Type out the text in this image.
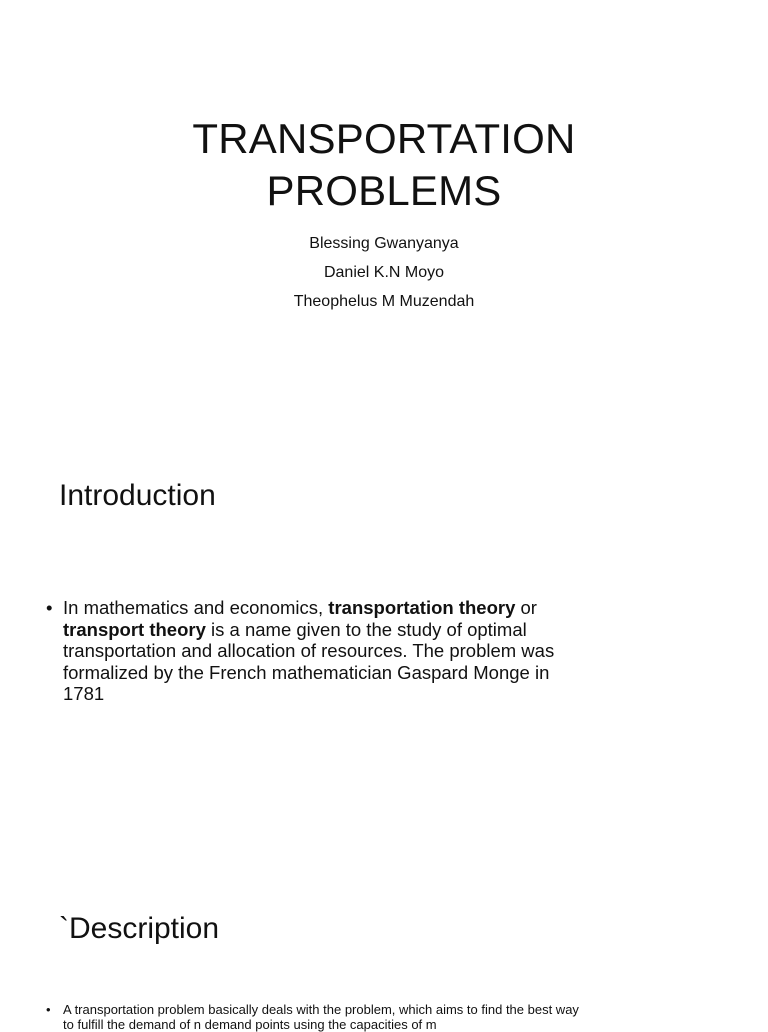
TRANSPORTATION
PROBLEMS
Blessing Gwanyanya
Daniel K.N Moyo
Theophelus M Muzendah
Introduction
• In mathematics and economics, transportation theory or transport theory is a name given to the study of optimal transportation and allocation of resources. The problem was formalized by the French mathematician Gaspard Monge in 1781
`Description
• A transportation problem basically deals with the problem, which aims to find the best way to fulfill the demand of n demand points using the capacities of m
